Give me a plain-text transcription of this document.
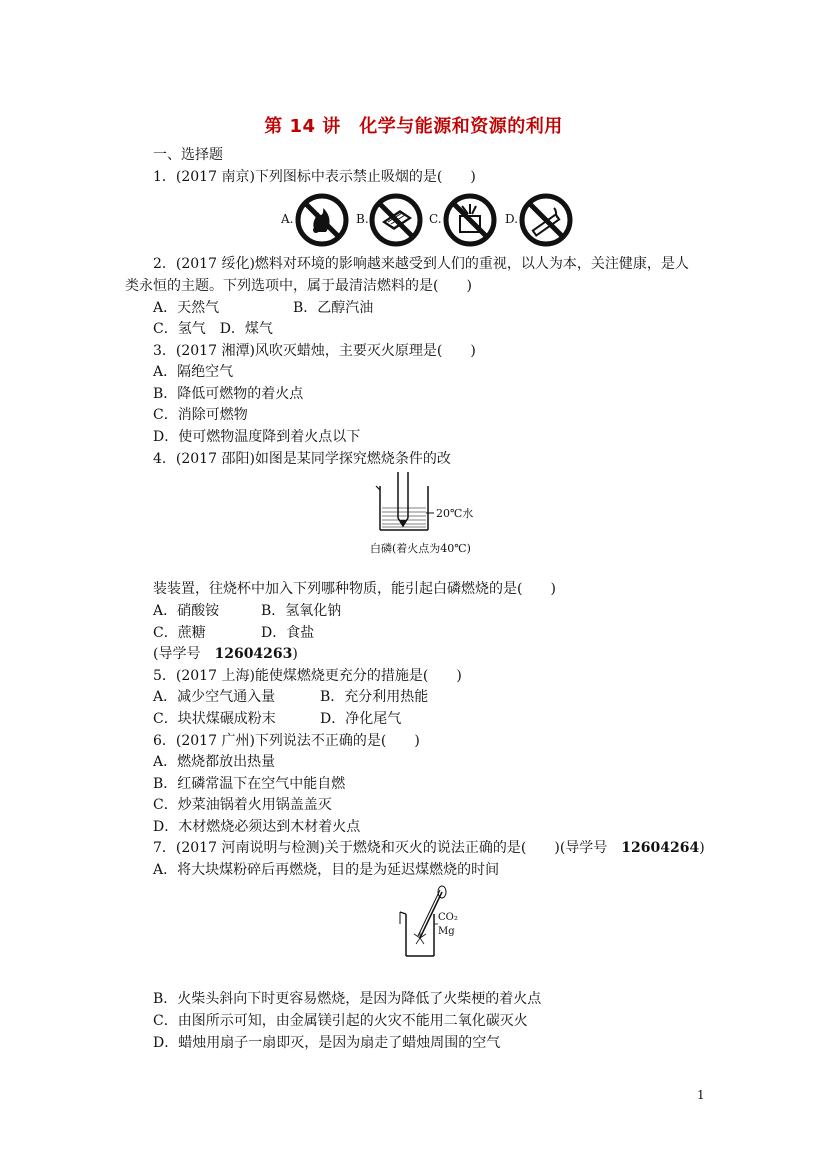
第 14 讲　化学与能源和资源的利用
一、选择题
1．(2017 南京)下列图标中表示禁止吸烟的是(　　)
A.	B.	C.	D.
2．(2017 绥化)燃料对环境的影响越来越受到人们的重视，以人为本，关注健康，是人
类永恒的主题。下列选项中，属于最清洁燃料的是(　　)
A．天然气	B．乙醇汽油
C．氢气　D．煤气
3．(2017 湘潭)风吹灭蜡烛，主要灭火原理是(　　)
A．隔绝空气
B．降低可燃物的着火点
C．消除可燃物
D．使可燃物温度降到着火点以下
4．(2017 邵阳)如图是某同学探究燃烧条件的改
20℃水
白磷(着火点为40℃)
装装置，往烧杯中加入下列哪种物质，能引起白磷燃烧的是(　　)
A．硝酸铵	B．氢氧化钠
C．蔗糖	D．食盐
(导学号　 12604263)
5．(2017 上海)能使煤燃烧更充分的措施是(　　)
A．减少空气通入量	B．充分利用热能
C．块状煤碾成粉末	D．净化尾气
6．(2017 广州)下列说法不正确的是(　　)
A．燃烧都放出热量
B．红磷常温下在空气中能自燃
C．炒菜油锅着火用锅盖盖灭
D．木材燃烧必须达到木材着火点
7．(2017 河南说明与检测)关于燃烧和灭火的说法正确的是(　　)(导学号　 12604264)
A．将大块煤粉碎后再燃烧，目的是为延迟煤燃烧的时间
CO₂
Mg
B．火柴头斜向下时更容易燃烧，是因为降低了火柴梗的着火点
C．由图所示可知，由金属镁引起的火灾不能用二氧化碳灭火
D．蜡烛用扇子一扇即灭，是因为扇走了蜡烛周围的空气
1
